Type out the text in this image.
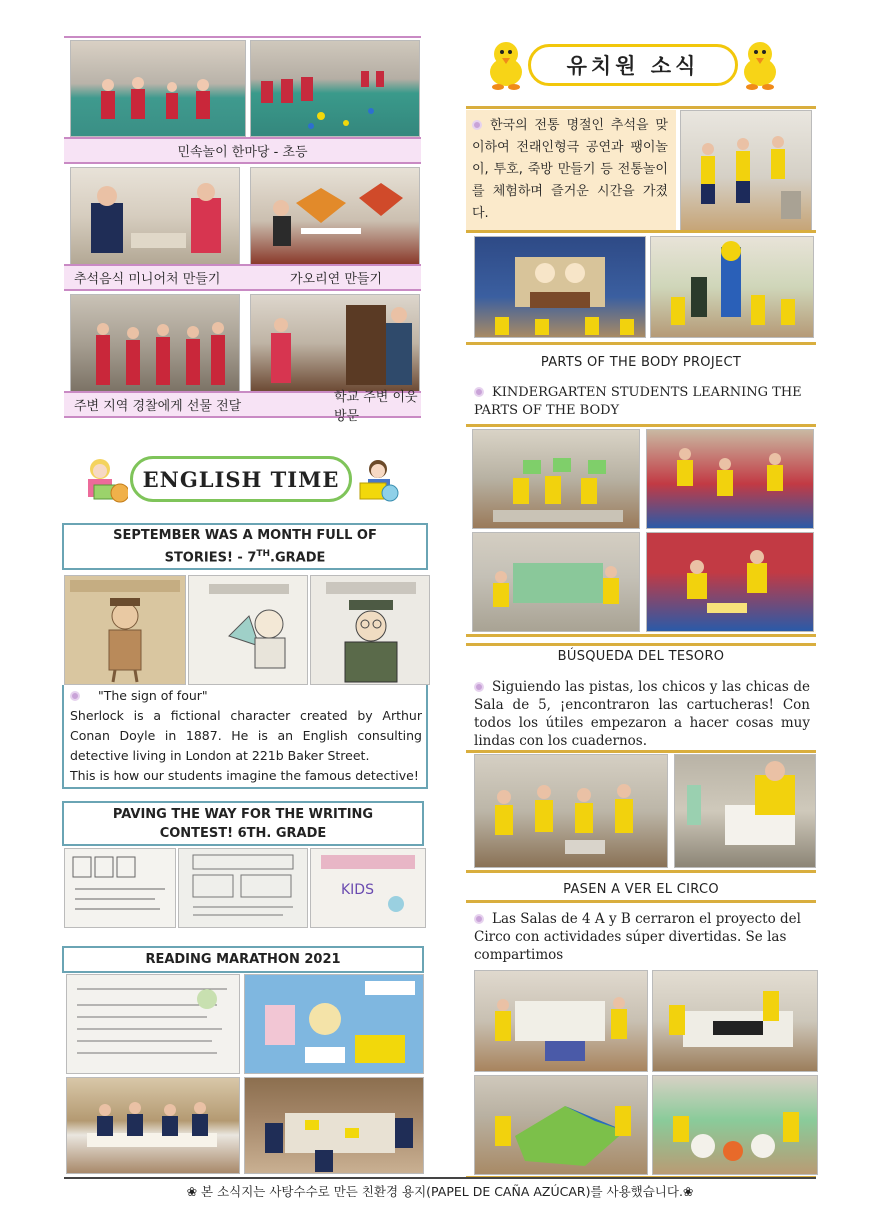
민속놀이 한마당 - 초등
추석음식 미니어처 만들기	가오리연 만들기
주변 지역 경찰에게 선물 전달
학교 주변 이웃 방문
ENGLISH TIME
SEPTEMBER WAS A MONTH FULL OF
STORIES! - 7TH.GRADE
"The sign of four"
Sherlock is a fictional character created by Arthur Conan Doyle in 1887. He is an English consulting detective living in London at 221b Baker Street.
This is how our students imagine the famous detective!
PAVING THE WAY FOR THE WRITING
CONTEST! 6TH. GRADE
KIDS
READING MARATHON 2021
유치원 소식
한국의 전통 명절인 추석을 맞이하여 전래인형극 공연과 팽이놀이, 투호, 죽방 만들기 등 전통놀이를 체험하며 즐거운 시간을 가졌다.
PARTS OF THE BODY PROJECT
KINDERGARTEN STUDENTS LEARNING THE PARTS OF THE BODY
BÚSQUEDA DEL TESORO
Siguiendo las pistas, los chicos y las chicas de Sala de 5, ¡encontraron las cartucheras! Con todos los útiles empezaron a hacer cosas muy lindas con los cuadernos.
PASEN A VER EL CIRCO
Las Salas de 4 A y B cerraron el proyecto del Circo con actividades súper divertidas. Se las compartimos
❀ 본 소식지는 사탕수수로 만든 친환경 용지(PAPEL DE CAÑA AZÚCAR)를 사용했습니다.❀
